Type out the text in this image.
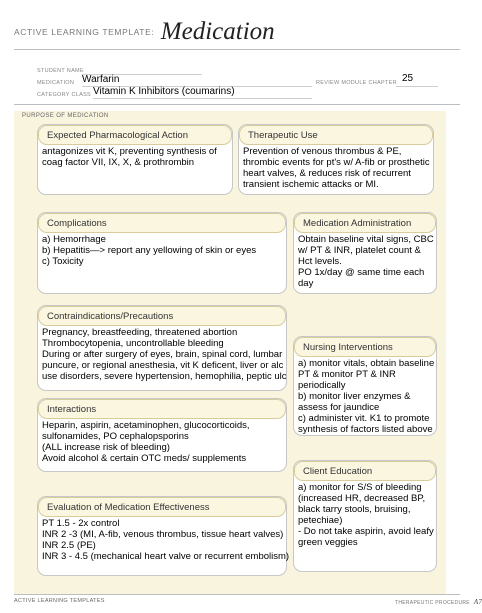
ACTIVE LEARNING TEMPLATE: Medication
STUDENT NAME
MEDICATION Warfarin	REVIEW MODULE CHAPTER 25
CATEGORY CLASS Vitamin K Inhibitors (coumarins)
PURPOSE OF MEDICATION
Expected Pharmacological Action
antagonizes vit K, preventing synthesis of
coag factor VII, IX, X, & prothrombin
Therapeutic Use
Prevention of venous thrombus & PE,
thrombic events for pt's w/ A-fib or prosthetic
heart valves, & reduces risk of recurrent
transient ischemic attacks or MI.
Complications
a) Hemorrhage
b) Hepatitis—> report any yellowing of skin or eyes
c) Toxicity
Medication Administration
Obtain baseline vital signs, CBC
w/ PT & INR, platelet count &
Hct levels.
PO 1x/day @ same time each
day
Contraindications/Precautions
Pregnancy, breastfeeding, threatened abortion
Thrombocytopenia, uncontrollable bleeding
During or after surgery of eyes, brain, spinal cord, lumbar
puncure, or regional anesthesia, vit K deficent, liver or alc
use disorders, severe hypertension, hemophilia, peptic ulc
Nursing Interventions
a) monitor vitals, obtain baseline
PT & monitor PT & INR
periodically
b) monitor liver enzymes &
assess for jaundice
c) administer vit. K1 to promote
synthesis of factors listed above
Interactions
Heparin, aspirin, acetaminophen, glucocorticoids,
sulfonamides, PO cephalopsporins
(ALL increase risk of bleeding)
Avoid alcohol & certain OTC meds/ supplements
Client Education
a) monitor for S/S of bleeding
(increased HR, decreased BP,
black tarry stools, bruising,
petechiae)
- Do not take aspirin, avoid leafy
green veggies
Evaluation of Medication Effectiveness
PT 1.5 - 2x control
INR 2 -3 (MI, A-fib, venous thrombus, tissue heart valves)
INR 2.5 (PE)
INR 3 - 4.5 (mechanical heart valve or recurrent embolism)
ACTIVE LEARNING TEMPLATES	THERAPEUTIC PROCEDURE A7
